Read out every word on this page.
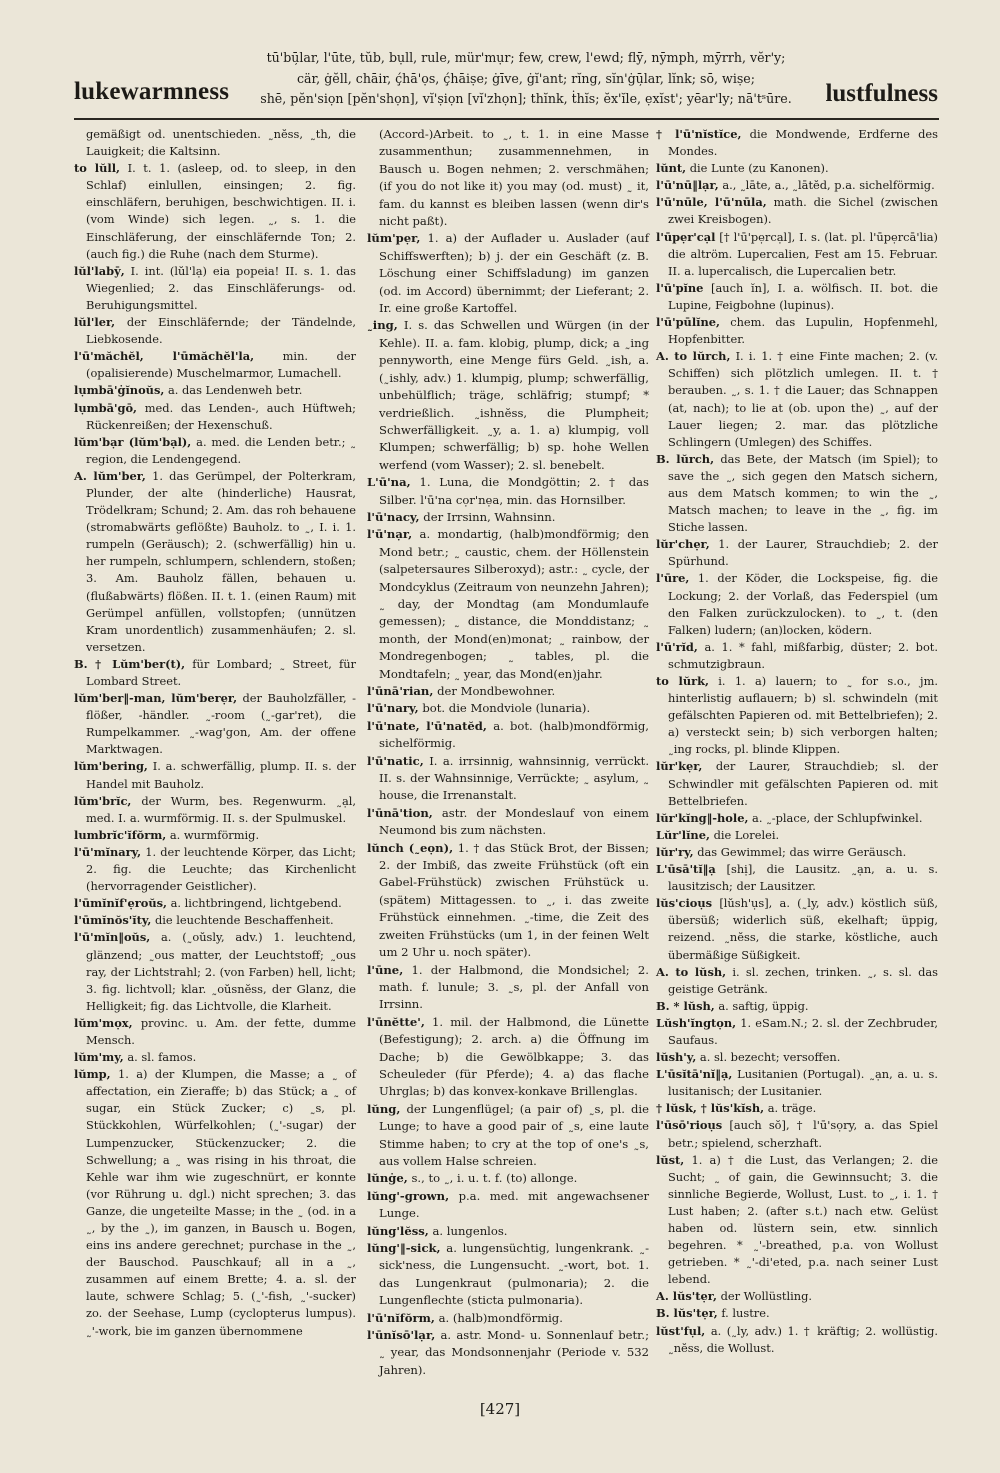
lukewarmness
tū'bū̦lar, l'ūte, tŭb, bụll, rule, mür'mụr; few, crew, l'ewd; flȳ, nȳmph, mȳrrh, vĕr'y;
cär, ġĕll, chāir, ḉhā'ọs, ḉhāiṣe; ġīve, ġĭ'ant; rĭng, sĭn'ġū̦lar, lĭnk; sō, wiṣe;
shē, pĕn'siọn [pĕn'shọn], vĭ'ṣiọn [vĭ'zhọn]; thĭnk, ṫhĭs; ĕx'ĭle, ẹxĭst'; yēar'ly; nā'tˢūre.	lustfulness

gemäßigt od. unentschieden. ˷nĕss, ˷th, die Lauigkeit; die Kaltsinn.

to lŭll, I. t. 1. (asleep, od. to sleep, in den Schlaf) einlullen, einsingen; 2. fig. einschläfern, beruhigen, beschwichtigen. II. i. (vom Winde) sich legen. ˷, s. 1. die Einschläferung, der einschläfernde Ton; 2. (auch fig.) die Ruhe (nach dem Sturme).

lŭl'labȳ, I. int. (lŭl'lạ) eia popeia! II. s. 1. das Wiegenlied; 2. das Einschläferungs- od. Beruhigungsmittel.

lŭl'ler, der Einschläfernde; der Tändelnde, Liebkosende.

l'ū'măchĕl, l'ūmăchĕl'la,	min. der (opalisierende) Muschelmarmor, Lumachell.

lụmbā'ġĭnoŭs, a. das Lendenweh betr.

lụmbā'gō, med. das Lenden-, auch Hüftweh; Rückenreißen; der Hexenschuß.

lŭm'bạr (lŭm'bạl), a. med. die Lenden betr.; ˷ region, die Lendengegend.

A. lŭm'ber, 1. das Gerümpel, der Polterkram, Plunder, der alte (hinderliche) Hausrat, Trödelkram; Schund; 2. Am. das roh behauene (stromabwärts geflößte) Bauholz. to ˷, I. i. 1. rumpeln (Geräusch); 2. (schwerfällig) hin u. her rumpeln, schlumpern, schlendern, stoßen; 3. Am. Bauholz fällen, behauen u. (flußabwärts) flößen. II. t. 1. (einen Raum) mit Gerümpel anfüllen, vollstopfen; (unnützen Kram unordentlich) zusammenhäufen; 2. sl. versetzen.

B. † Lŭm'ber(t), für Lombard; ˷ Street, für Lombard Street.

lŭm'ber‖-man, lŭm'berẹr, der Bauholzfäller, -flößer, -händler. ˷-room (˷-gar'ret), die Rumpelkammer. ˷-wag'gon, Am. der offene Marktwagen.

lŭm'bering, I. a. schwerfällig, plump. II. s. der Handel mit Bauholz.

lŭm'brĭc, der Wurm, bes. Regenwurm. ˷ạl, med. I. a. wurmförmig. II. s. der Spulmuskel.

lumbrĭc'ĭfŏrm, a. wurmförmig.

l'ū'mĭnary, 1. der leuchtende Körper, das Licht; 2. fig. die Leuchte; das Kirchenlicht (hervorragender Geistlicher).

l'ūmĭnĭf'ẹroŭs, a. lichtbringend, lichtgebend.

l'ūmĭnŏs'ĭty, die leuchtende Beschaffenheit.

l'ū'mĭn‖oŭs, a. (˷oŭsly, adv.) 1. leuchtend, glänzend; ˷ous matter, der Leuchtstoff; ˷ous ray, der Lichtstrahl; 2. (von Farben) hell, licht; 3. fig. lichtvoll; klar. ˷oŭsnĕss, der Glanz, die Helligkeit; fig. das Lichtvolle, die Klarheit.

lŭm'mọx, provinc. u. Am. der fette, dumme Mensch.

lŭm'my, a. sl. famos.

lŭmp, 1. a) der Klumpen, die Masse; a ˷ of affectation, ein Zieraffe; b) das Stück; a ˷ of sugar, ein Stück Zucker; c) ˷s, pl. Stückkohlen, Würfelkohlen; (˷'-sugar) der Lumpenzucker, Stückenzucker; 2. die Schwellung; a ˷ was rising in his throat, die Kehle war ihm wie zugeschnürt, er konnte (vor Rührung u. dgl.) nicht sprechen; 3. das Ganze, die ungeteilte Masse; in the ˷ (od. in a ˷, by the ˷), im ganzen, in Bausch u. Bogen, eins ins andere gerechnet; purchase in the ˷, der Bauschod. Pauschkauf; all in a ˷, zusammen auf einem Brette; 4. a. sl. der laute, schwere Schlag; 5. (˷'-fish, ˷'-sucker) zo. der Seehase, Lump (cyclopterus lumpus). ˷'-work, bie im ganzen übernommene

(Accord-)Arbeit. to ˷, t. 1. in eine Masse zusammenthun; zusammennehmen, in Bausch u. Bogen nehmen; 2. verschmähen; (if you do not like it) you may (od. must) ˷ it, fam. du kannst es bleiben lassen (wenn dir's nicht paßt).

lŭm'pẹr, 1. a) der Auflader u. Auslader (auf Schiffswerften); b) j. der ein Geschäft (z. B. Löschung einer Schiffsladung) im ganzen (od. im Accord) übernimmt; der Lieferant; 2. Ir. eine große Kartoffel.

˷ing, I. s. das Schwellen und Würgen (in der Kehle). II. a. fam. klobig, plump, dick; a ˷ing pennyworth, eine Menge fürs Geld. ˷ish, a. (˷ishly, adv.) 1. klumpig, plump; schwerfällig, unbehülflich; träge, schläfrig; stumpf; * verdrießlich. ˷ishnĕss, die Plumpheit; Schwerfälligkeit. ˷y, a. 1. a) klumpig, voll Klumpen; schwerfällig; b) sp. hohe Wellen werfend (vom Wasser); 2. sl. benebelt.

L'ū'na, 1. Luna, die Mondgöttin; 2. † das Silber. l'ū'na cọr'nẹa, min. das Hornsilber.

l'ū'nacy, der Irrsinn, Wahnsinn.

l'ū'nạr, a. mondartig, (halb)mondförmig; den Mond betr.; ˷ caustic, chem. der Höllenstein (salpetersaures Silberoxyd); astr.: ˷ cycle, der Mondcyklus (Zeitraum von neunzehn Jahren); ˷ day, der Mondtag (am Mondumlaufe gemessen); ˷ distance, die Monddistanz; ˷ month, der Mond(en)monat; ˷ rainbow, der Mondregenbogen; ˷ tables, pl. die Mondtafeln; ˷ year, das Mond(en)jahr.

l'ūnā'rian, der Mondbewohner.

l'ū'nary, bot. die Mondviole (lunaria).

l'ū'nate, l'ū'natĕd, a. bot. (halb)mondförmig, sichelförmig.

l'ū'natic, I. a. irrsinnig, wahnsinnig, verrückt. II. s. der Wahnsinnige, Verrückte; ˷ asylum, ˷ house, die Irrenanstalt.

l'ūnā'tion, astr. der Mondeslauf von einem Neumond bis zum nächsten.

lŭnch (˷eọn), 1. † das Stück Brot, der Bissen; 2. der Imbiß, das zweite Frühstück (oft ein Gabel-Frühstück) zwischen Frühstück u. (spätem) Mittagessen. to ˷, i. das zweite Frühstück einnehmen. ˷-time, die Zeit des zweiten Frühstücks (um 1, in der feinen Welt um 2 Uhr u. noch später).

l'ūne, 1. der Halbmond, die Mondsichel; 2. math. f. lunule; 3. ˷s, pl. der Anfall von Irrsinn.

l'ūnĕtte', 1. mil. der Halbmond, die Lünette (Befestigung); 2. arch. a) die Öffnung im Dache; b) die Gewölbkappe; 3. das Scheuleder (für Pferde); 4. a) das flache Uhrglas; b) das konvex-konkave Brillenglas.

lŭng, der Lungenflügel; (a pair of) ˷s, pl. die Lunge; to have a good pair of ˷s, eine laute Stimme haben; to cry at the top of one's ˷s, aus vollem Halse schreien.

lŭnġe, s., to ˷, i. u. t. f. (to) allonge.

lŭng'-grown, p.a. med. mit angewachsener Lunge.

lŭng'lĕss, a. lungenlos.

lŭng'‖-sick, a. lungensüchtig, lungenkrank. ˷-sick'ness, die Lungensucht. ˷-wort, bot. 1. das Lungenkraut (pulmonaria); 2. die Lungenflechte (sticta pulmonaria).

l'ū'nĭfŏrm, a. (halb)mondförmig.

l'ūnĭsō'lạr, a. astr. Mond- u. Sonnenlauf betr.; ˷ year, das Mondsonnenjahr (Periode v. 532 Jahren).

† l'ū'nĭstĭce, die Mondwende, Erdferne des Mondes.

lŭnt, die Lunte (zu Kanonen).

l'ū'nū‖lạr, a., ˷lāte, a., ˷lātĕd, p.a. sichelförmig.

l'ū'nūle, l'ū'nūla, math. die Sichel (zwischen zwei Kreisbogen).

l'ūpẹr'cạl [† l'ū'pẹrcạl], I. s. (lat. pl. l'ūpẹrcā'lia) die altröm. Lupercalien, Fest am 15. Februar. II. a. lupercalisch, die Lupercalien betr.

l'ū'pĭne [auch ĭn], I. a. wölfisch. II. bot. die Lupine, Feigbohne (lupinus).

l'ū'pūlĭne, chem. das Lupulin, Hopfenmehl, Hopfenbitter.

A. to lŭrch, I. i. 1. † eine Finte machen; 2. (v. Schiffen) sich plötzlich umlegen. II. t. † berauben. ˷, s. 1. † die Lauer; das Schnappen (at, nach); to lie at (ob. upon the) ˷, auf der Lauer liegen; 2. mar. das plötzliche Schlingern (Umlegen) des Schiffes.

B. lŭrch, das Bete, der Matsch (im Spiel); to save the ˷, sich gegen den Matsch sichern, aus dem Matsch kommen; to win the ˷, Matsch machen; to leave in the ˷, fig. im Stiche lassen.

lŭr'chẹr, 1. der Laurer, Strauchdieb; 2. der Spürhund.

l'ūre, 1. der Köder, die Lockspeise, fig. die Lockung; 2. der Vorlaß, das Federspiel (um den Falken zurückzulocken). to ˷, t. (den Falken) ludern; (an)locken, ködern.

l'ū'rĭd, a. 1. * fahl, mißfarbig, düster; 2. bot. schmutzigbraun.

to lŭrk, i. 1. a) lauern; to ˷ for s.o., jm. hinterlistig auflauern; b) sl. schwindeln (mit gefälschten Papieren od. mit Bettelbriefen); 2. a) versteckt sein; b) sich verborgen halten; ˷ing rocks, pl. blinde Klippen.

lŭr'kẹr, der Laurer, Strauchdieb; sl. der Schwindler mit gefälschten Papieren od. mit Bettelbriefen.

lŭr'kĭng‖-hole, a. ˷-place, der Schlupfwinkel.

Lŭr'lĭne, die Lorelei.

lŭr'ry, das Gewimmel; das wirre Geräusch.

L'ūsā'tĭ‖ạ [shị], die Lausitz. ˷ạn, a. u. s. lausitzisch; der Lausitzer.

lŭs'cioụs [lŭsh'ụs], a. (˷ly, adv.) köstlich süß, übersüß; widerlich süß, ekelhaft; üppig, reizend. ˷nĕss, die starke, köstliche, auch übermäßige Süßigkeit.

A. to lŭsh, i. sl. zechen, trinken. ˷, s. sl. das geistige Getränk.

B. * lŭsh, a. saftig, üppig.

Lŭsh'ĭngtọn, 1. eSam.N.; 2. sl. der Zechbruder, Saufaus.

lŭsh'y, a. sl. bezecht; versoffen.

L'ūsĭtā'nĭ‖ạ, Lusitanien (Portugal). ˷ạn, a. u. s. lusitanisch; der Lusitanier.

† lŭsk, † lŭs'kĭsh, a. träge.

l'ūsō'rioụs [auch sŏ], † l'ū'sọry, a. das Spiel betr.; spielend, scherzhaft.

lŭst, 1. a) † die Lust, das Verlangen; 2. die Sucht; ˷ of gain, die Gewinnsucht; 3. die sinnliche Begierde, Wollust, Lust. to ˷, i. 1. † Lust haben; 2. (after s.t.) nach etw. Gelüst haben od. lüstern sein, etw. sinnlich begehren. * ˷'-breathed, p.a. von Wollust getrieben. * ˷'-di'eted, p.a. nach seiner Lust lebend.

A. lŭs'tẹr, der Wollüstling.

B. lŭs'tẹr, f. lustre.

lŭst'fụl, a. (˷ly, adv.) 1. † kräftig; 2. wollüstig. ˷nĕss, die Wollust.

[427]
